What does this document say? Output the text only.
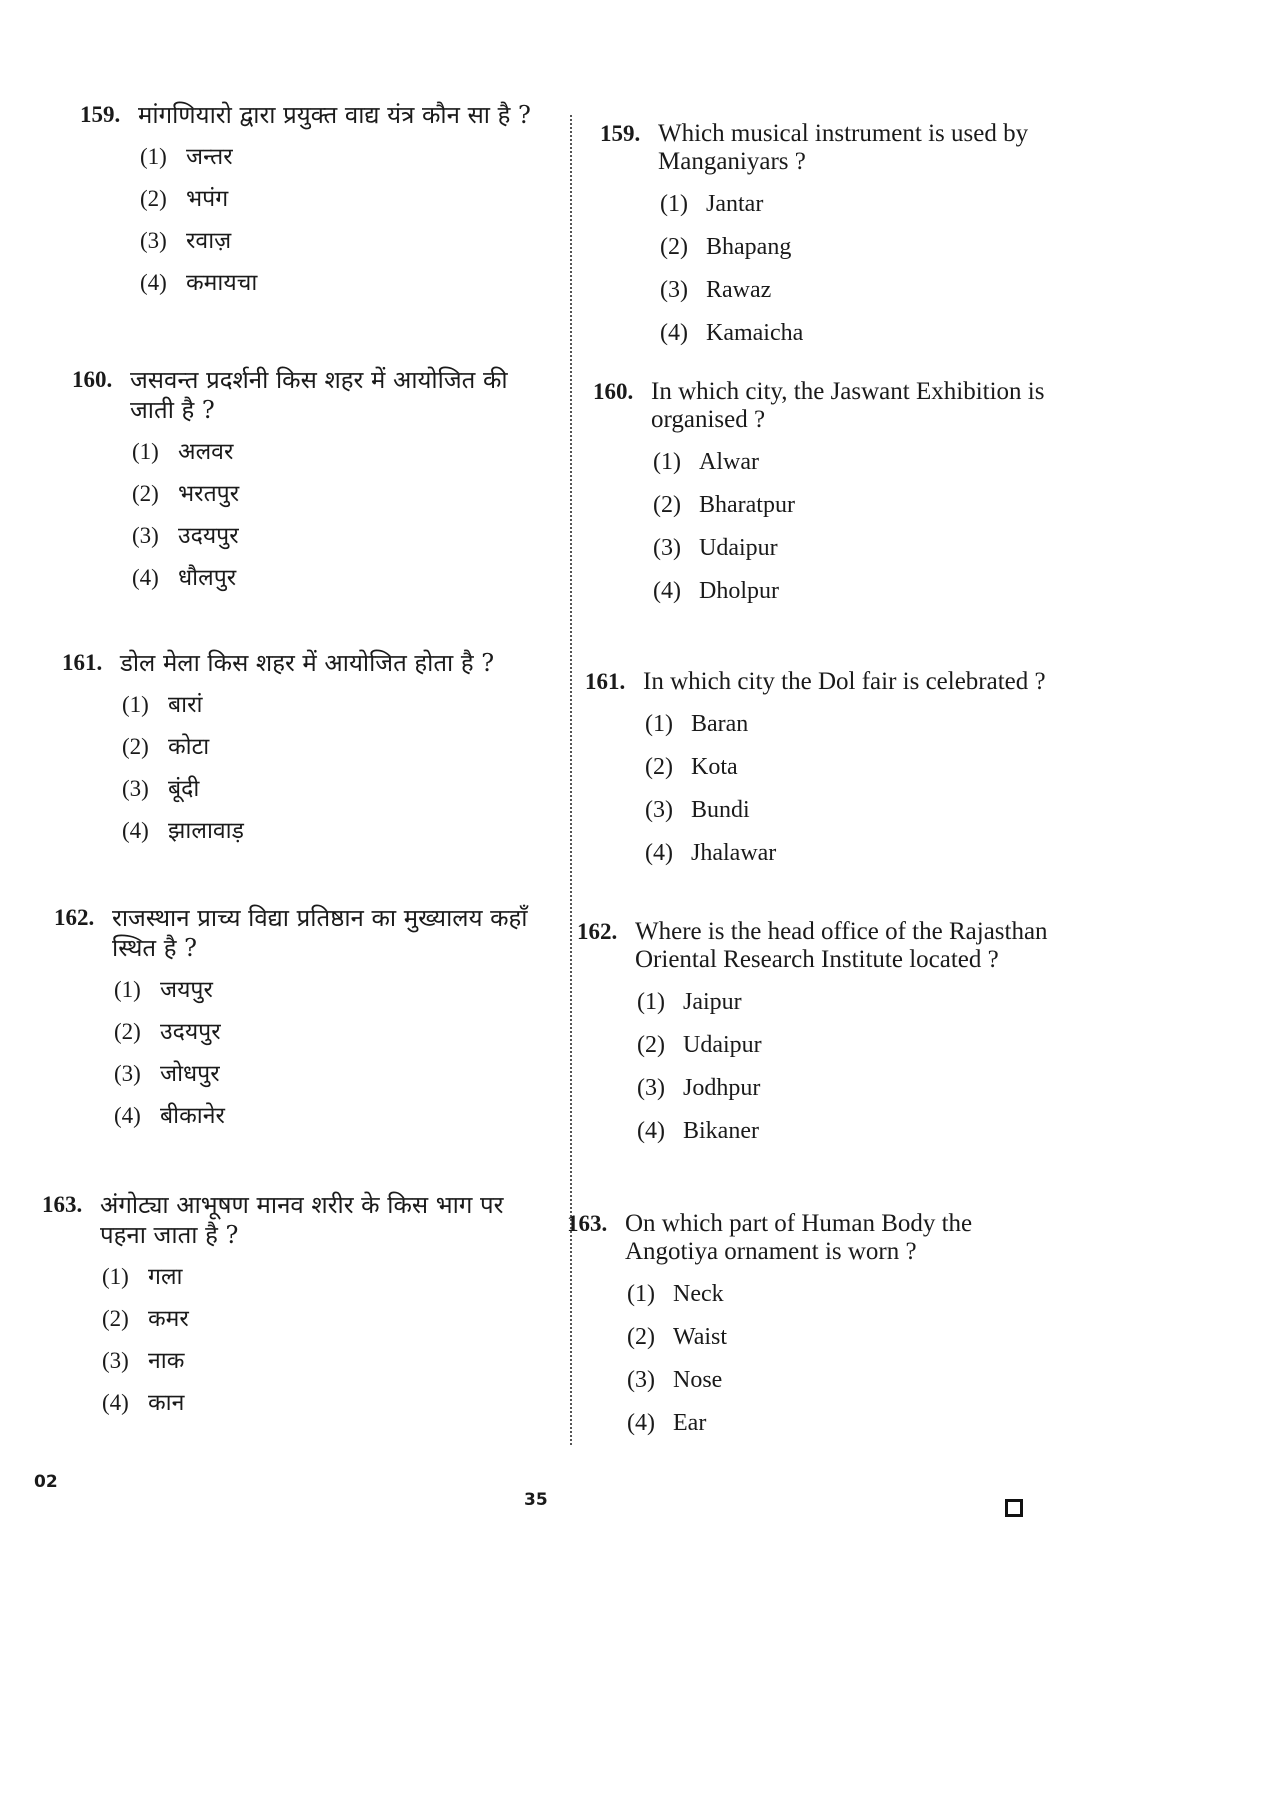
159. मांगणियारो द्वारा प्रयुक्त वाद्य यंत्र कौन सा है ?
(1) जन्तर
(2) भपंग
(3) रवाज़
(4) कमायचा
160. जसवन्त प्रदर्शनी किस शहर में आयोजित की जाती है ?
(1) अलवर
(2) भरतपुर
(3) उदयपुर
(4) धौलपुर
161. डोल मेला किस शहर में आयोजित होता है ?
(1) बारां
(2) कोटा
(3) बूंदी
(4) झालावाड़
162. राजस्थान प्राच्य विद्या प्रतिष्ठान का मुख्यालय कहाँ स्थित है ?
(1) जयपुर
(2) उदयपुर
(3) जोधपुर
(4) बीकानेर
163. अंगोट्या आभूषण मानव शरीर के किस भाग पर पहना जाता है ?
(1) गला
(2) कमर
(3) नाक
(4) कान
159. Which musical instrument is used by Manganiyars ?
(1) Jantar
(2) Bhapang
(3) Rawaz
(4) Kamaicha
160. In which city, the Jaswant Exhibition is organised ?
(1) Alwar
(2) Bharatpur
(3) Udaipur
(4) Dholpur
161. In which city the Dol fair is celebrated ?
(1) Baran
(2) Kota
(3) Bundi
(4) Jhalawar
162. Where is the head office of the Rajasthan Oriental Research Institute located ?
(1) Jaipur
(2) Udaipur
(3) Jodhpur
(4) Bikaner
163. On which part of Human Body the Angotiya ornament is worn ?
(1) Neck
(2) Waist
(3) Nose
(4) Ear
02
35
